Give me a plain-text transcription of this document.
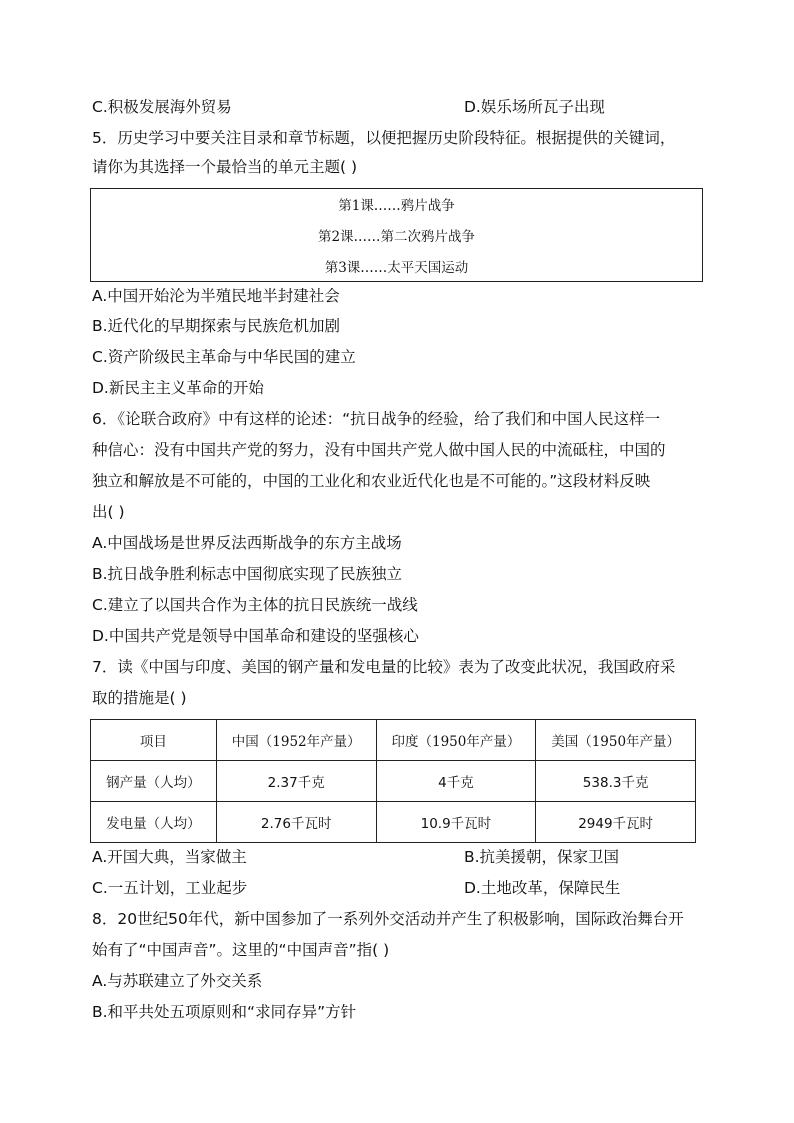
C.积极发展海外贸易	D.娱乐场所瓦子出现
5．历史学习中要关注目录和章节标题，以便把握历史阶段特征。根据提供的关键词，
请你为其选择一个最恰当的单元主题( )
第1课……鸦片战争
第2课……第二次鸦片战争
第3课……太平天国运动
A.中国开始沦为半殖民地半封建社会
B.近代化的早期探索与民族危机加剧
C.资产阶级民主革命与中华民国的建立
D.新民主主义革命的开始
6．《论联合政府》中有这样的论述：“抗日战争的经验，给了我们和中国人民这样一
种信心：没有中国共产党的努力，没有中国共产党人做中国人民的中流砥柱，中国的
独立和解放是不可能的，中国的工业化和农业近代化也是不可能的。”这段材料反映
出( )
A.中国战场是世界反法西斯战争的东方主战场
B.抗日战争胜利标志中国彻底实现了民族独立
C.建立了以国共合作为主体的抗日民族统一战线
D.中国共产党是领导中国革命和建设的坚强核心
7．读《中国与印度、美国的钢产量和发电量的比较》表为了改变此状况，我国政府采
取的措施是( )
项目	中国（1952年产量）	印度（1950年产量）	美国（1950年产量）
钢产量（人均）	2.37千克	4千克	538.3千克
发电量（人均）	2.76千瓦时	10.9千瓦时	2949千瓦时
A.开国大典，当家做主	B.抗美援朝，保家卫国
C.一五计划，工业起步	D.土地改革，保障民生
8．20世纪50年代，新中国参加了一系列外交活动并产生了积极影响，国际政治舞台开
始有了“中国声音”。这里的“中国声音”指( )
A.与苏联建立了外交关系
B.和平共处五项原则和“求同存异”方针
